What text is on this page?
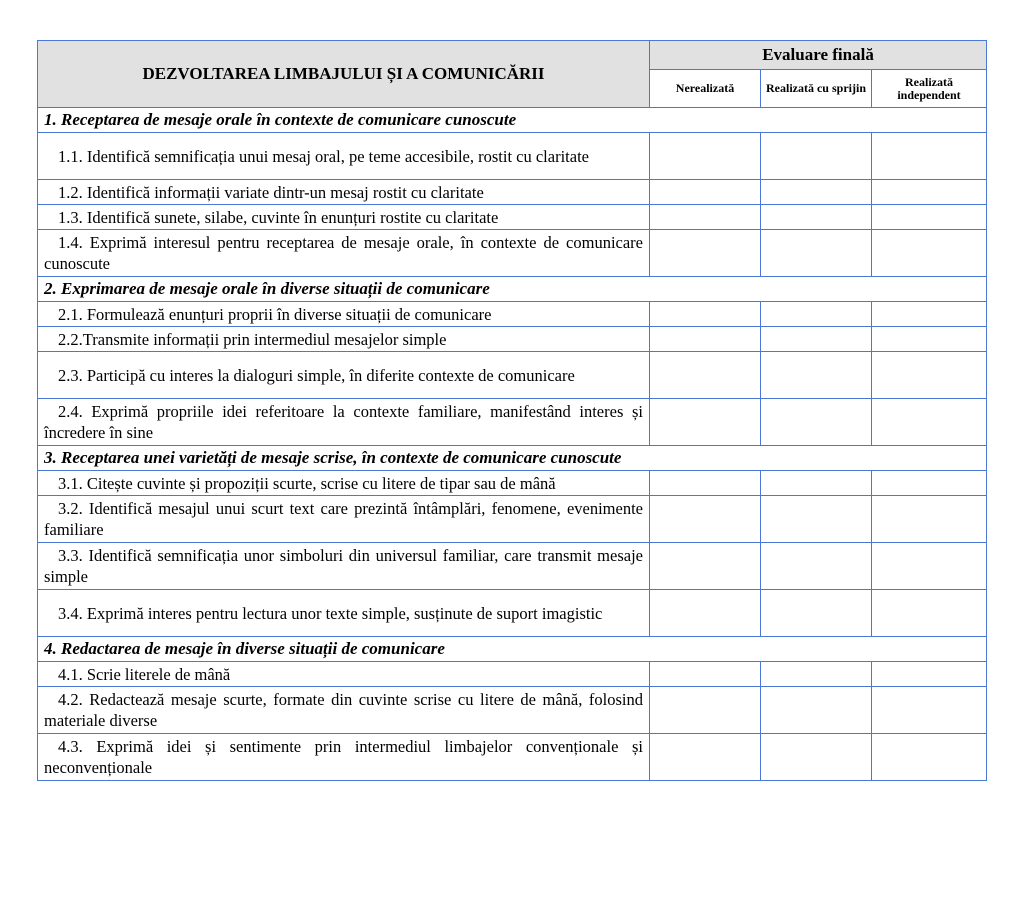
DEZVOLTAREA LIMBAJULUI ȘI A COMUNICĂRII	Evaluare finală		
	Nerealizată	Realizată cu sprijin	Realizată independent
1. Receptarea de mesaje orale în contexte de comunicare cunoscute			
1.1. Identifică semnificația unui mesaj oral, pe teme accesibile, rostit cu claritate			
1.2. Identifică informații variate dintr-un mesaj rostit cu claritate			
1.3. Identifică sunete, silabe, cuvinte în enunțuri rostite cu claritate			
1.4. Exprimă interesul pentru receptarea de mesaje orale, în contexte de comunicare cunoscute			
2. Exprimarea de mesaje orale în diverse situații de comunicare			
2.1. Formulează enunțuri proprii în diverse situații de comunicare			
2.2.Transmite informații prin intermediul mesajelor simple			
2.3. Participă cu interes la dialoguri simple, în diferite contexte de comunicare			
2.4. Exprimă propriile idei referitoare la contexte familiare, manifestând interes și încredere în sine			
3. Receptarea unei varietăți de mesaje scrise, în contexte de comunicare cunoscute			
3.1. Citește cuvinte și propoziții scurte, scrise cu litere de tipar sau de mână			
3.2. Identifică mesajul unui scurt text care prezintă întâmplări, fenomene, evenimente familiare			
3.3. Identifică semnificația unor simboluri din universul familiar, care transmit mesaje simple			
3.4. Exprimă interes pentru lectura unor texte simple, susținute de suport imagistic			
4. Redactarea de mesaje în diverse situații de comunicare			
4.1. Scrie literele de mână			
4.2. Redactează mesaje scurte, formate din cuvinte scrise cu litere de mână, folosind materiale diverse			
4.3. Exprimă idei și sentimente prin intermediul limbajelor convenționale și neconvenționale			
